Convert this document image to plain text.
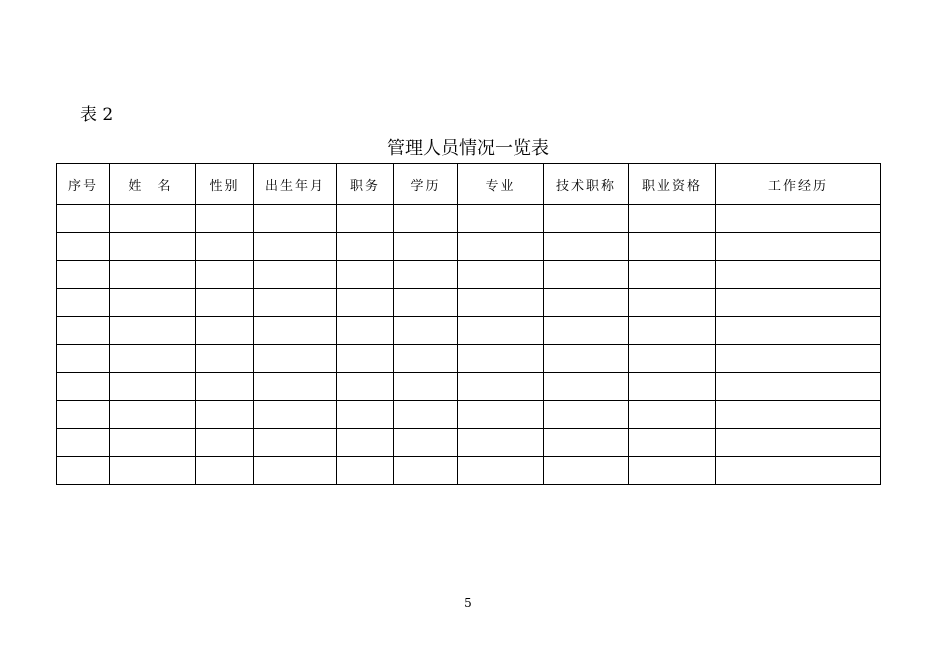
表 2
管理人员情况一览表
序号	姓 名	性别	出生年月	职务	学历	专业	技术职称	职业资格	工作经历

5
